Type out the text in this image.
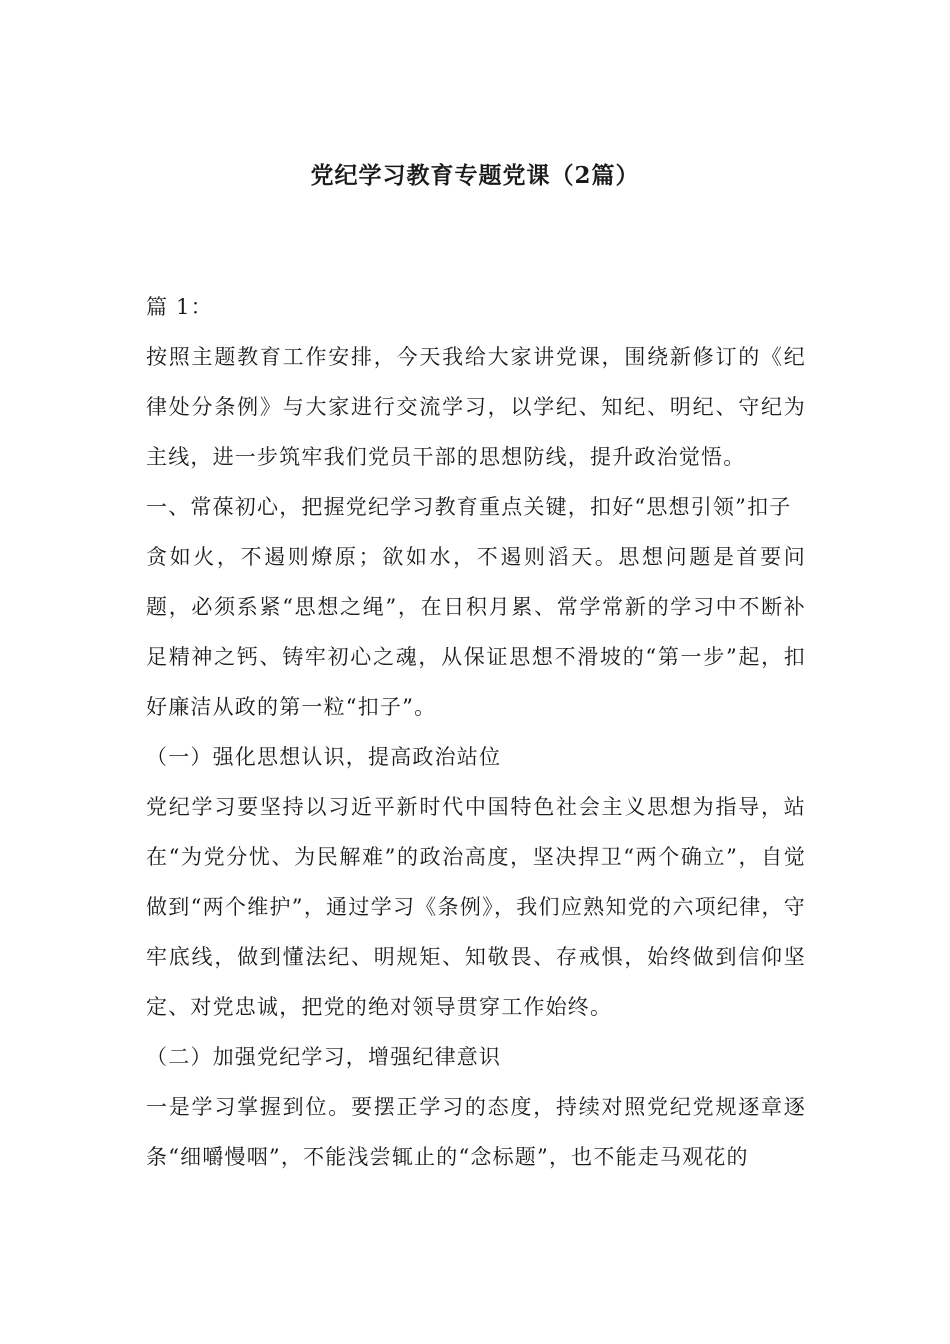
党纪学习教育专题党课（2篇）

篇 1：

按照主题教育工作安排，今天我给大家讲党课，围绕新修订的《纪律处分条例》与大家进行交流学习，以学纪、知纪、明纪、守纪为主线，进一步筑牢我们党员干部的思想防线，提升政治觉悟。

一、常葆初心，把握党纪学习教育重点关键，扣好“思想引领”扣子

贪如火，不遏则燎原；欲如水，不遏则滔天。思想问题是首要问题，必须系紧“思想之绳”，在日积月累、常学常新的学习中不断补足精神之钙、铸牢初心之魂，从保证思想不滑坡的“第一步”起，扣好廉洁从政的第一粒“扣子”。

（一）强化思想认识，提高政治站位

党纪学习要坚持以习近平新时代中国特色社会主义思想为指导，站在“为党分忧、为民解难”的政治高度，坚决捍卫“两个确立”，自觉做到“两个维护”，通过学习《条例》，我们应熟知党的六项纪律，守牢底线，做到懂法纪、明规矩、知敬畏、存戒惧，始终做到信仰坚定、对党忠诚，把党的绝对领导贯穿工作始终。

（二）加强党纪学习，增强纪律意识

一是学习掌握到位。要摆正学习的态度，持续对照党纪党规逐章逐条“细嚼慢咽”，不能浅尝辄止的“念标题”，也不能走马观花的
